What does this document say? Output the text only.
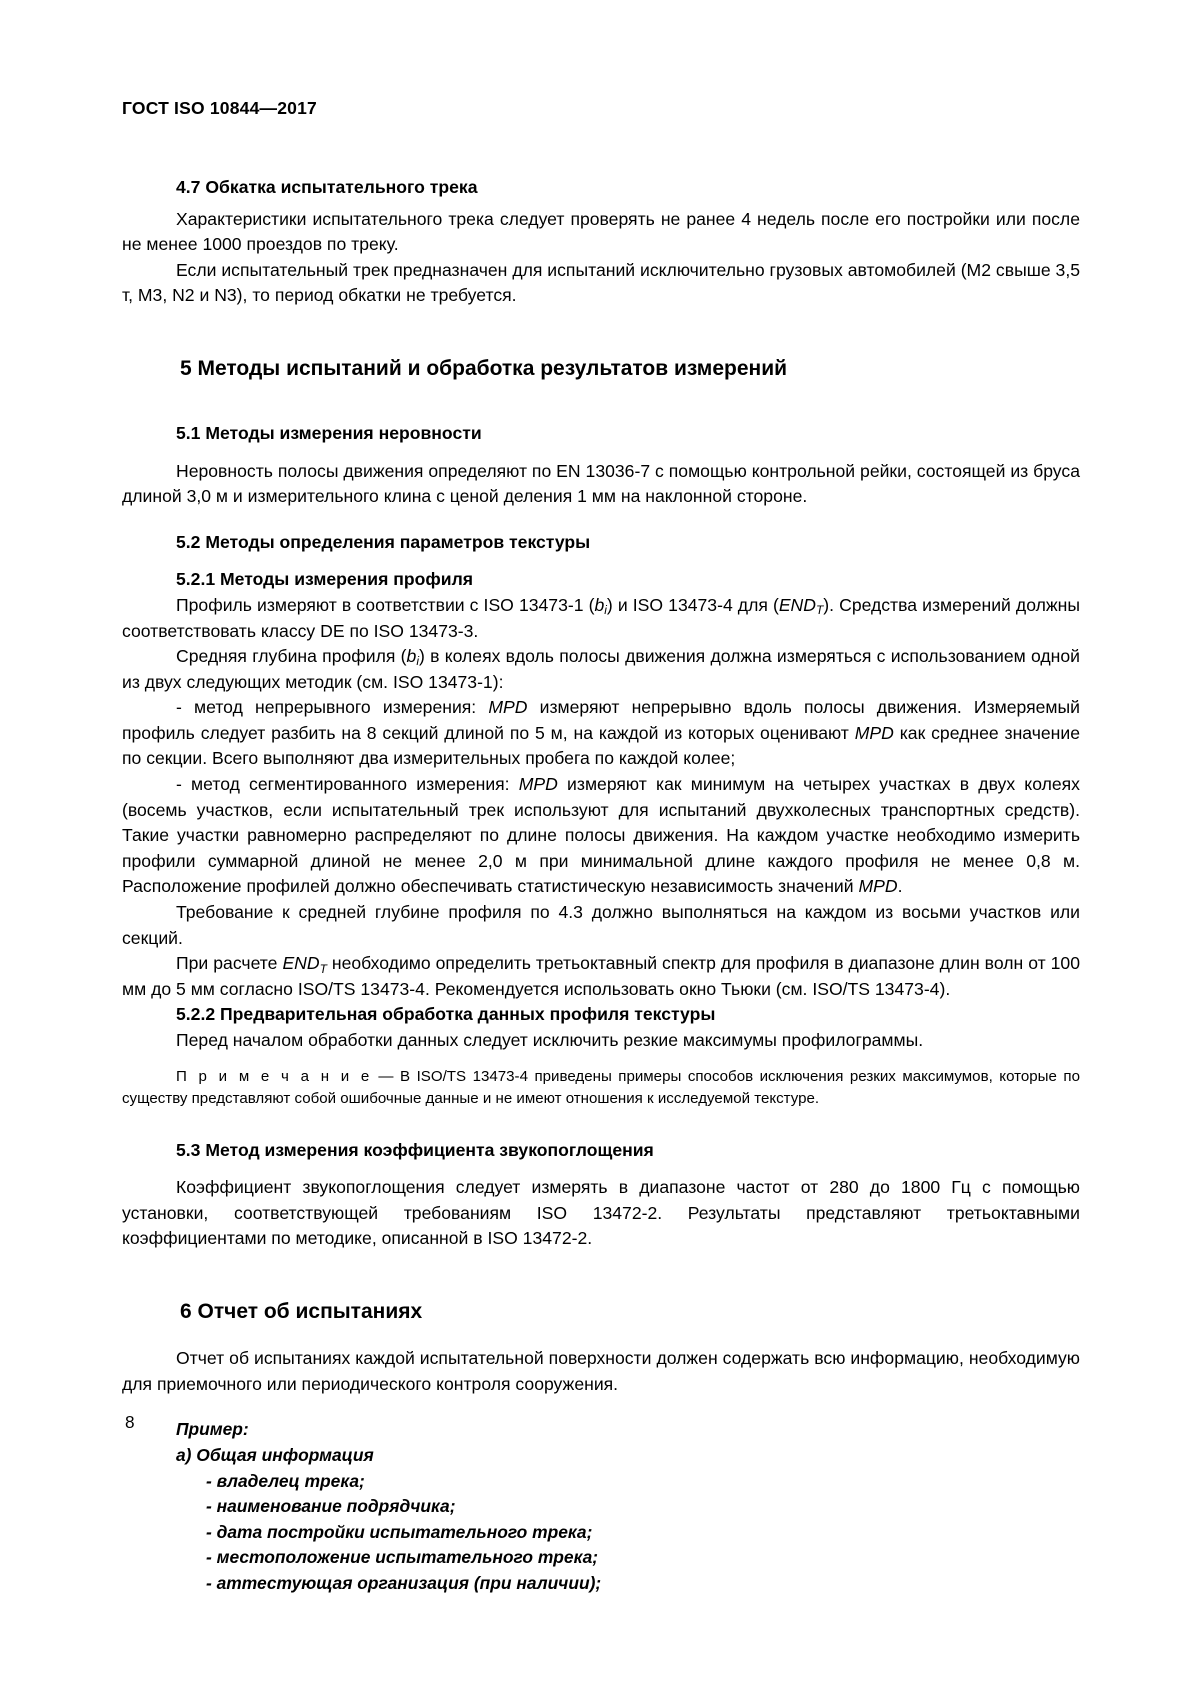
ГОСТ ISO 10844—2017
4.7 Обкатка испытательного трека

Характеристики испытательного трека следует проверять не ранее 4 недель после его постройки или после не менее 1000 проездов по треку.

Если испытательный трек предназначен для испытаний исключительно грузовых автомобилей (М2 свыше 3,5 т, М3, N2 и N3), то период обкатки не требуется.

5 Методы испытаний и обработка результатов измерений
5.1 Методы измерения неровности

Неровность полосы движения определяют по EN 13036-7 с помощью контрольной рейки, состоящей из бруса длиной 3,0 м и измерительного клина с ценой деления 1 мм на наклонной стороне.

5.2 Методы определения параметров текстуры
5.2.1 Методы измерения профиля

Профиль измеряют в соответствии с ISO 13473-1 $(b_i)$ и ISO 13473-4 для $(END_T)$. Средства измерений должны соответствовать классу DE по ISO 13473-3.

Средняя глубина профиля $(b_i)$ в колеях вдоль полосы движения должна измеряться с использованием одной из двух следующих методик (см. ISO 13473-1):

- метод непрерывного измерения: MPD измеряют непрерывно вдоль полосы движения. Измеряемый профиль следует разбить на 8 секций длиной по 5 м, на каждой из которых оценивают MPD как среднее значение по секции. Всего выполняют два измерительных пробега по каждой колее;

- метод сегментированного измерения: MPD измеряют как минимум на четырех участках в двух колеях (восемь участков, если испытательный трек используют для испытаний двухколесных транспортных средств). Такие участки равномерно распределяют по длине полосы движения. На каждом участке необходимо измерить профили суммарной длиной не менее 2,0 м при минимальной длине каждого профиля не менее 0,8 м. Расположение профилей должно обеспечивать статистическую независимость значений MPD.

Требование к средней глубине профиля по 4.3 должно выполняться на каждом из восьми участков или секций.

При расчете $END_T$ необходимо определить третьоктавный спектр для профиля в диапазоне длин волн от 100 мм до 5 мм согласно ISO/TS 13473-4. Рекомендуется использовать окно Тьюки (см. ISO/TS 13473-4).

5.2.2 Предварительная обработка данных профиля текстуры

Перед началом обработки данных следует исключить резкие максимумы профилограммы.

П р и м е ч а н и е — В ISO/TS 13473-4 приведены примеры способов исключения резких максимумов, которые по существу представляют собой ошибочные данные и не имеют отношения к исследуемой текстуре.

5.3 Метод измерения коэффициента звукопоглощения

Коэффициент звукопоглощения следует измерять в диапазоне частот от 280 до 1800 Гц с помощью установки, соответствующей требованиям ISO 13472-2. Результаты представляют третьоктавными коэффициентами по методике, описанной в ISO 13472-2.

6 Отчет об испытаниях

Отчет об испытаниях каждой испытательной поверхности должен содержать всю информацию, необходимую для приемочного или периодического контроля сооружения.

Пример:
а) Общая информация
- владелец трека;
- наименование подрядчика;
- дата постройки испытательного трека;
- местоположение испытательного трека;
- аттестующая организация (при наличии);
8
